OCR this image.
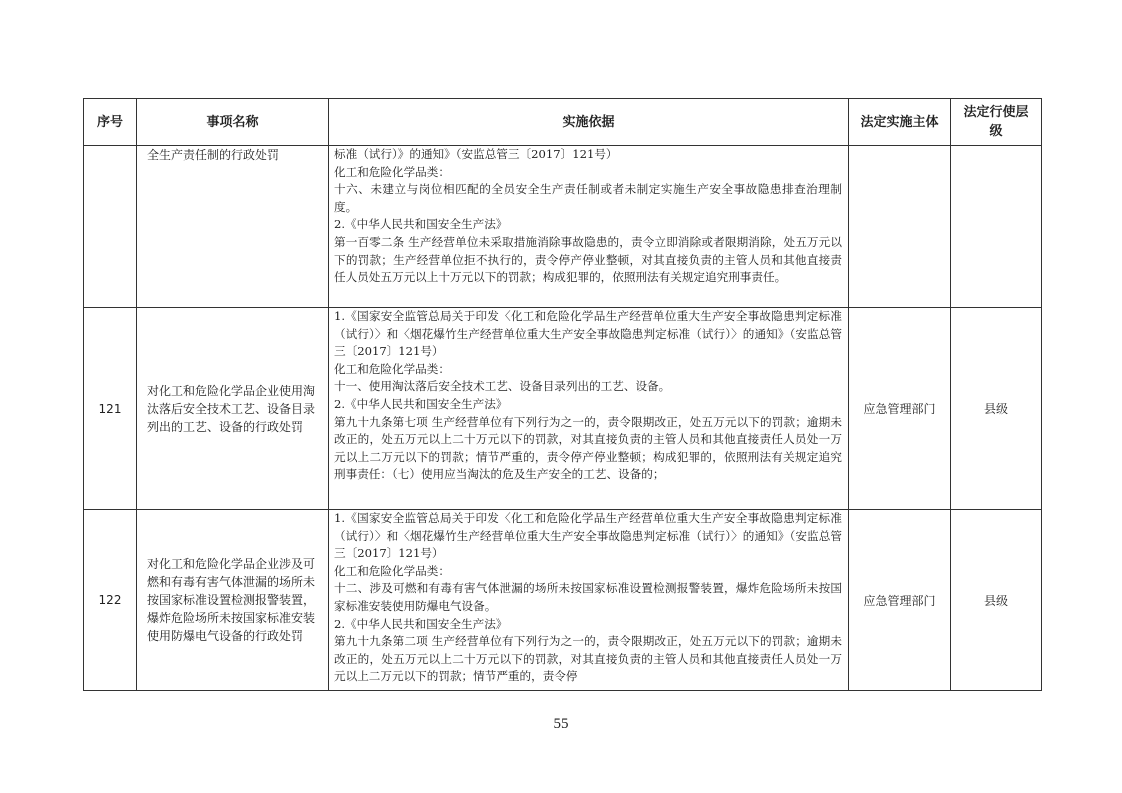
序号	事项名称	实施依据	法定实施主体	法定行使层级

	全生产责任制的行政处罚	标准（试行）》的通知》（安监总管三〔2017〕121号）

化工和危险化学品类：

十六、未建立与岗位相匹配的全员安全生产责任制或者未制定实施生产安全事故隐患排查治理制度。

2.《中华人民共和国安全生产法》

第一百零二条 生产经营单位未采取措施消除事故隐患的，责令立即消除或者限期消除，处五万元以下的罚款；生产经营单位拒不执行的，责令停产停业整顿，对其直接负责的主管人员和其他直接责任人员处五万元以上十万元以下的罚款；构成犯罪的，依照刑法有关规定追究刑事责任。		

121	对化工和危险化学品企业使用淘汰落后安全技术工艺、设备目录列出的工艺、设备的行政处罚	1.《国家安全监管总局关于印发〈化工和危险化学品生产经营单位重大生产安全事故隐患判定标准（试行）〉和〈烟花爆竹生产经营单位重大生产安全事故隐患判定标准（试行）〉的通知》（安监总管三〔2017〕121号）

化工和危险化学品类：

十一、使用淘汰落后安全技术工艺、设备目录列出的工艺、设备。

2.《中华人民共和国安全生产法》

第九十九条第七项 生产经营单位有下列行为之一的，责令限期改正，处五万元以下的罚款；逾期未改正的，处五万元以上二十万元以下的罚款，对其直接负责的主管人员和其他直接责任人员处一万元以上二万元以下的罚款；情节严重的，责令停产停业整顿；构成犯罪的，依照刑法有关规定追究刑事责任：（七）使用应当淘汰的危及生产安全的工艺、设备的；	应急管理部门	县级
122	对化工和危险化学品企业涉及可燃和有毒有害气体泄漏的场所未按国家标准设置检测报警装置，爆炸危险场所未按国家标准安装使用防爆电气设备的行政处罚	1.《国家安全监管总局关于印发〈化工和危险化学品生产经营单位重大生产安全事故隐患判定标准（试行）〉和〈烟花爆竹生产经营单位重大生产安全事故隐患判定标准（试行）〉的通知》（安监总管三〔2017〕121号）

化工和危险化学品类：

十二、涉及可燃和有毒有害气体泄漏的场所未按国家标准设置检测报警装置，爆炸危险场所未按国家标准安装使用防爆电气设备。

2.《中华人民共和国安全生产法》

第九十九条第二项 生产经营单位有下列行为之一的，责令限期改正，处五万元以下的罚款；逾期未改正的，处五万元以上二十万元以下的罚款，对其直接负责的主管人员和其他直接责任人员处一万元以上二万元以下的罚款；情节严重的，责令停	应急管理部门	县级
55
